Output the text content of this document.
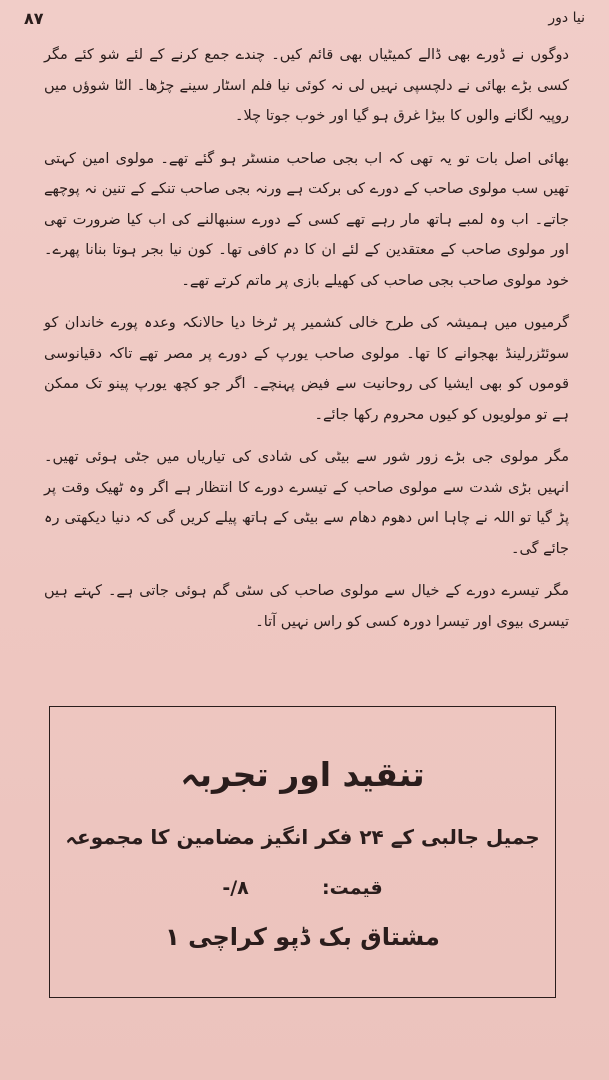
۸۷	نیا دور

دوگوں نے ڈورے بھی ڈالے کمیٹیاں بھی قائم کیں۔ چندے جمع کرنے کے لئے شو کئے مگر کسی بڑے بھائی نے دلچسپی نہیں لی نہ کوئی نیا فلم اسٹار سینے چڑھا۔ الٹا شوؤں میں روپیہ لگانے والوں کا بیڑا غرق ہو گیا اور خوب جوتا چلا۔

بھائی اصل بات تو یہ تھی کہ اب بجی صاحب منسٹر ہو گئے تھے۔ مولوی امین کہتی تھیں سب مولوی صاحب کے دورے کی برکت ہے ورنہ بجی صاحب تنکے کے تنین نہ پوچھے جاتے۔ اب وہ لمبے ہاتھ مار رہے تھے کسی کے دورے سنبھالنے کی اب کیا ضرورت تھی اور مولوی صاحب کے معتقدین کے لئے ان کا دم کافی تھا۔ کون نیا بجر ہوتا بنانا پھرے۔ خود مولوی صاحب بجی صاحب کی کھیلے بازی پر ماتم کرتے تھے۔

گرمیوں میں ہمیشہ کی طرح خالی کشمیر پر ٹرخا دیا حالانکہ وعدہ پورے خاندان کو سوئٹزرلینڈ بھجوانے کا تھا۔ مولوی صاحب یورپ کے دورے پر مصر تھے تاکہ دقیانوسی قوموں کو بھی ایشیا کی روحانیت سے فیض پہنچے۔ اگر جو کچھ یورپ پینو تک ممکن ہے تو مولویوں کو کیوں محروم رکھا جائے۔

مگر مولوی جی بڑے زور شور سے بیٹی کی شادی کی تیاریاں میں جٹی ہوئی تھیں۔ انہیں بڑی شدت سے مولوی صاحب کے تیسرے دورے کا انتظار ہے اگر وہ ٹھیک وقت پر پڑ گیا تو اللہ نے چاہا اس دھوم دھام سے بیٹی کے ہاتھ پیلے کریں گی کہ دنیا دیکھتی رہ جائے گی۔

مگر تیسرے دورے کے خیال سے مولوی صاحب کی سٹی گم ہوئی جاتی ہے۔ کہتے ہیں تیسری بیوی اور تیسرا دورہ کسی کو راس نہیں آتا۔

تنقید اور تجربہ
جمیل جالبی کے ۲۴ فکر انگیز مضامین کا مجموعہ
قیمت:  ۸/-
مشتاق بک ڈپو کراچی ۱
